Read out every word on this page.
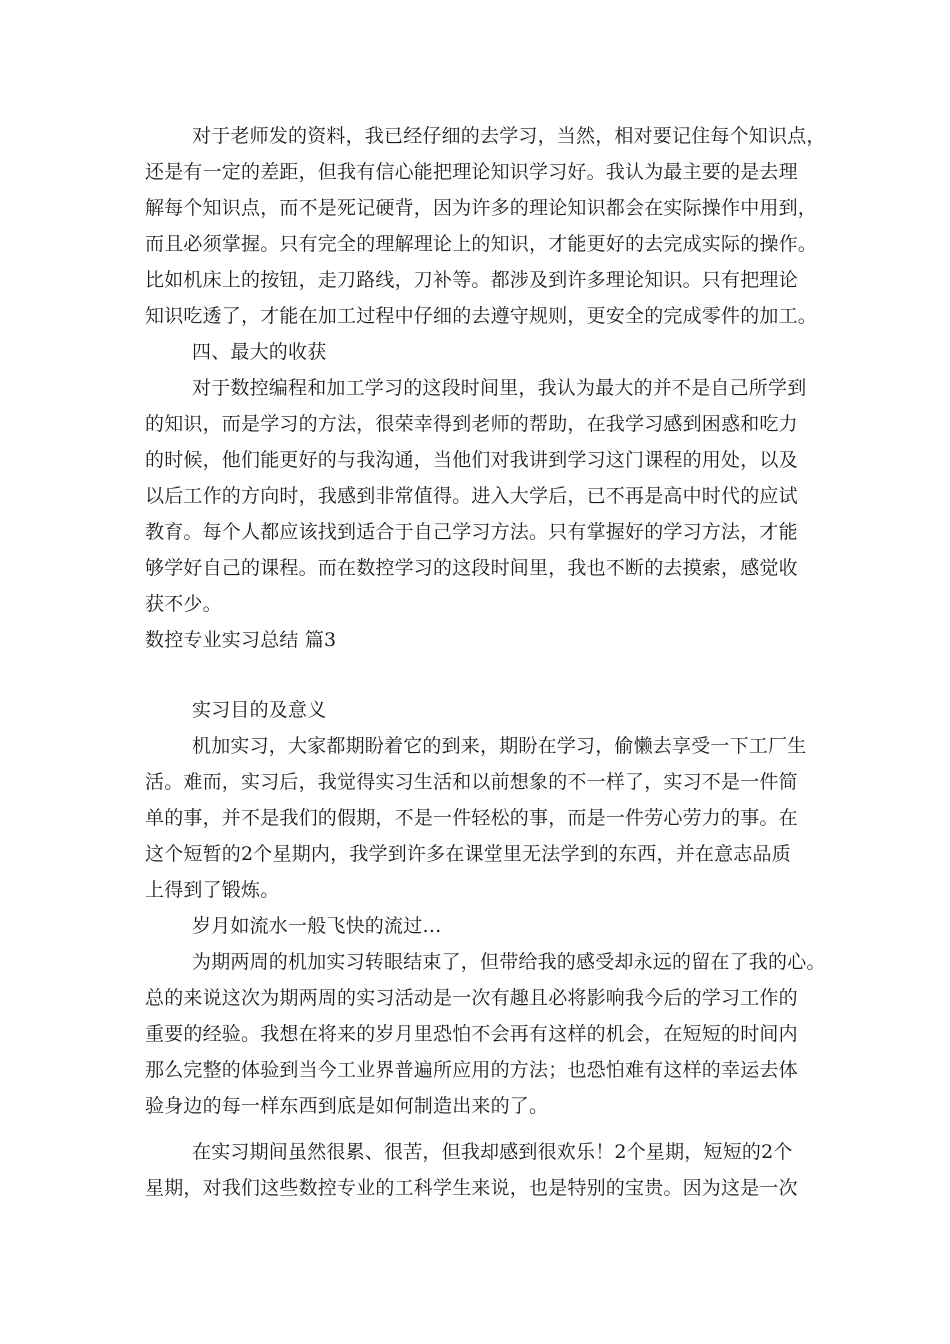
对于老师发的资料，我已经仔细的去学习，当然，相对要记住每个知识点，
还是有一定的差距，但我有信心能把理论知识学习好。我认为最主要的是去理
解每个知识点，而不是死记硬背，因为许多的理论知识都会在实际操作中用到，
而且必须掌握。只有完全的理解理论上的知识，才能更好的去完成实际的操作。
比如机床上的按钮，走刀路线，刀补等。都涉及到许多理论知识。只有把理论
知识吃透了，才能在加工过程中仔细的去遵守规则，更安全的完成零件的加工。
四、最大的收获
对于数控编程和加工学习的这段时间里，我认为最大的并不是自己所学到
的知识，而是学习的方法，很荣幸得到老师的帮助，在我学习感到困惑和吃力
的时候，他们能更好的与我沟通，当他们对我讲到学习这门课程的用处，以及
以后工作的方向时，我感到非常值得。进入大学后，已不再是高中时代的应试
教育。每个人都应该找到适合于自己学习方法。只有掌握好的学习方法，才能
够学好自己的课程。而在数控学习的这段时间里，我也不断的去摸索，感觉收
获不少。
数控专业实习总结 篇3
实习目的及意义
机加实习，大家都期盼着它的到来，期盼在学习，偷懒去享受一下工厂生
活。难而，实习后，我觉得实习生活和以前想象的不一样了，实习不是一件简
单的事，并不是我们的假期，不是一件轻松的事，而是一件劳心劳力的事。在
这个短暂的2个星期内，我学到许多在课堂里无法学到的东西，并在意志品质
上得到了锻炼。
岁月如流水一般飞快的流过…
为期两周的机加实习转眼结束了，但带给我的感受却永远的留在了我的心。
总的来说这次为期两周的实习活动是一次有趣且必将影响我今后的学习工作的
重要的经验。我想在将来的岁月里恐怕不会再有这样的机会，在短短的时间内
那么完整的体验到当今工业界普遍所应用的方法；也恐怕难有这样的幸运去体
验身边的每一样东西到底是如何制造出来的了。
在实习期间虽然很累、很苦，但我却感到很欢乐！2个星期，短短的2个
星期，对我们这些数控专业的工科学生来说，也是特别的宝贵。因为这是一次
